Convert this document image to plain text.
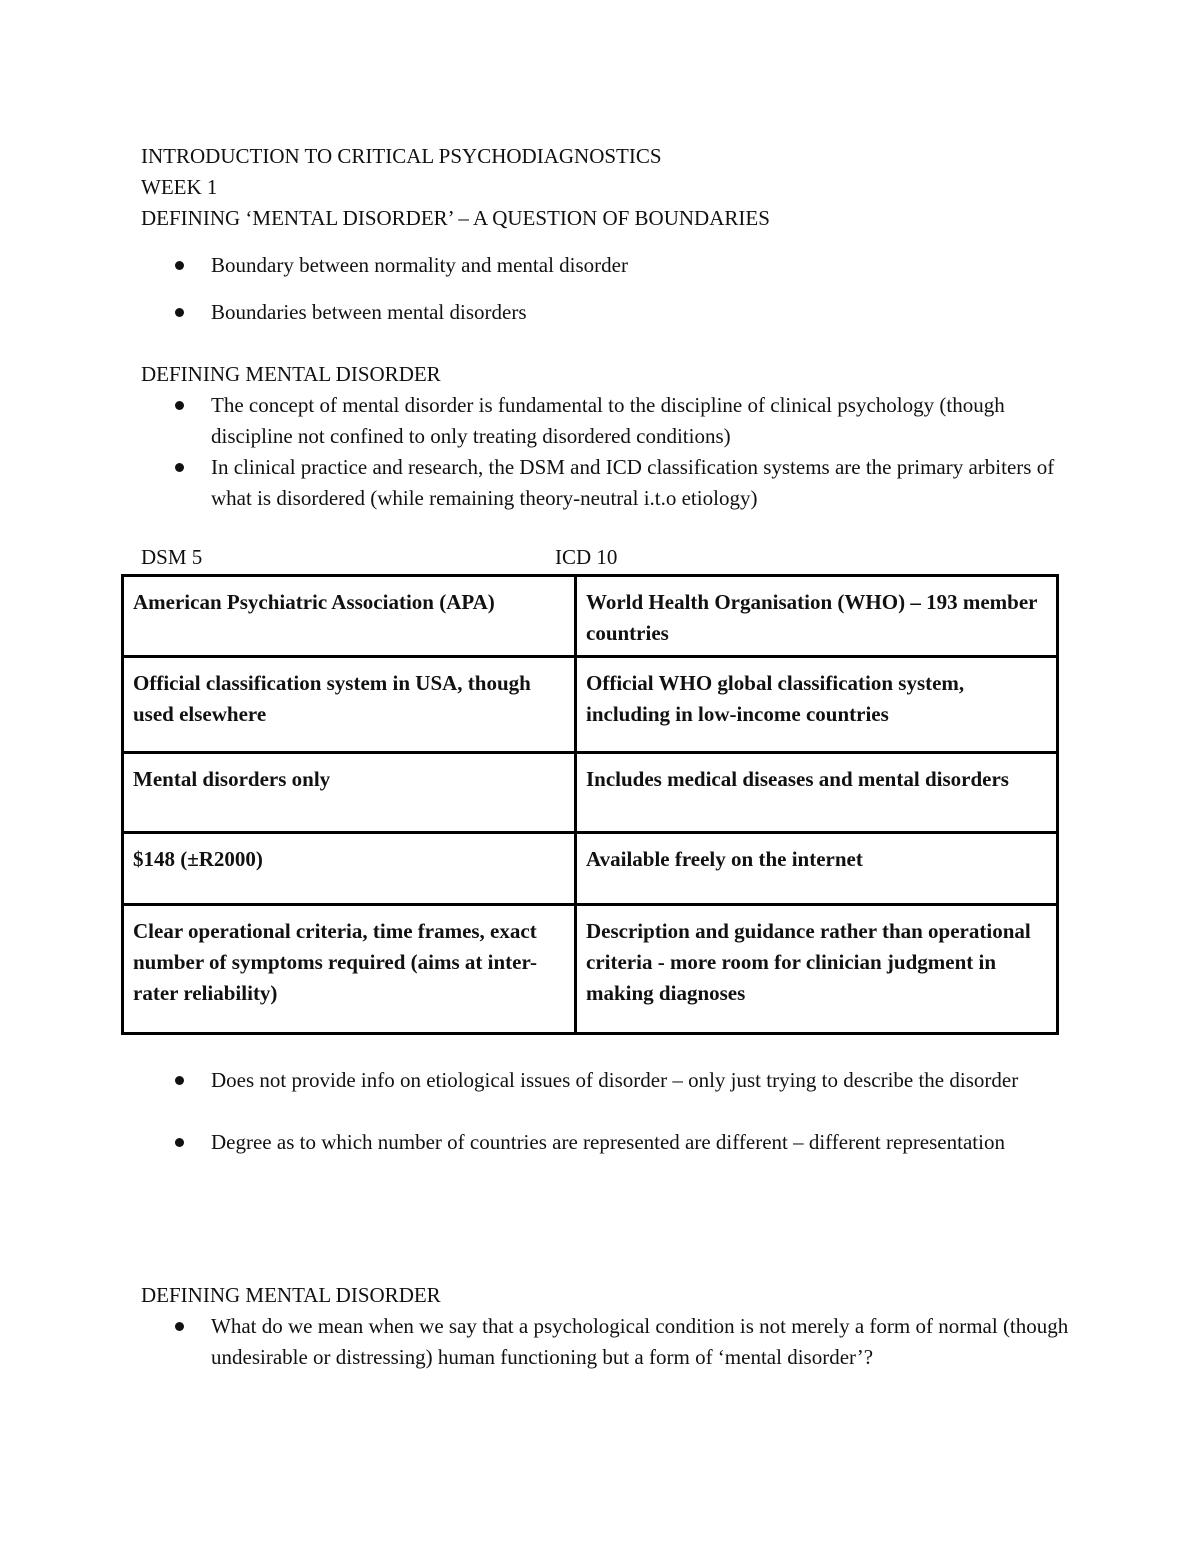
INTRODUCTION TO CRITICAL PSYCHODIAGNOSTICS
WEEK 1
DEFINING ‘MENTAL DISORDER’ – A QUESTION OF BOUNDARIES
Boundary between normality and mental disorder
Boundaries between mental disorders
DEFINING MENTAL DISORDER
The concept of mental disorder is fundamental to the discipline of clinical psychology (though discipline not confined to only treating disordered conditions)
In clinical practice and research, the DSM and ICD classification systems are the primary arbiters of what is disordered (while remaining theory-neutral i.t.o etiology)
DSM 5	ICD 10
American Psychiatric Association (APA)	World Health Organisation (WHO) – 193 member countries
Official classification system in USA, though used elsewhere	Official WHO global classification system, including in low-income countries
Mental disorders only	Includes medical diseases and mental disorders
$148 (±R2000)	Available freely on the internet
Clear operational criteria, time frames, exact number of symptoms required (aims at inter-rater reliability)	Description and guidance rather than operational criteria - more room for clinician judgment in making diagnoses
Does not provide info on etiological issues of disorder – only just trying to describe the disorder
Degree as to which number of countries are represented are different – different representation
DEFINING MENTAL DISORDER
What do we mean when we say that a psychological condition is not merely a form of normal (though undesirable or distressing) human functioning but a form of ‘mental disorder’?
